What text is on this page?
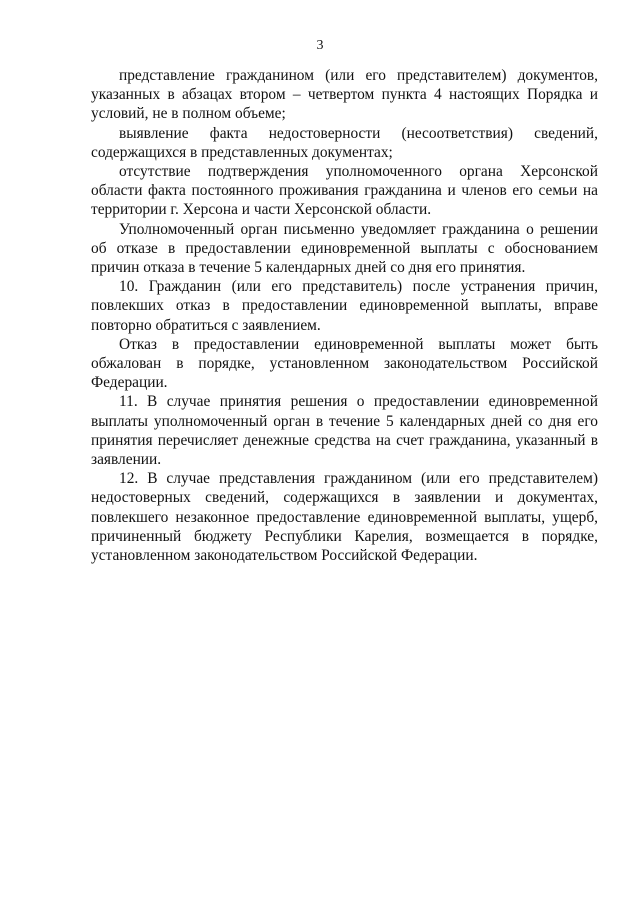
3

представление гражданином (или его представителем) документов, указанных в абзацах втором – четвертом пункта 4 настоящих Порядка и условий, не в полном объеме;

выявление факта недостоверности (несоответствия) сведений, содержащихся в представленных документах;

отсутствие подтверждения уполномоченного органа Херсонской области факта постоянного проживания гражданина и членов его семьи на территории г. Херсона и части Херсонской области.

Уполномоченный орган письменно уведомляет гражданина о решении об отказе в предоставлении единовременной выплаты с обоснованием причин отказа в течение 5 календарных дней со дня его принятия.

10. Гражданин (или его представитель) после устранения причин, повлекших отказ в предоставлении единовременной выплаты, вправе повторно обратиться с заявлением.

Отказ в предоставлении единовременной выплаты может быть обжалован в порядке, установленном законодательством Российской Федерации.

11. В случае принятия решения о предоставлении единовременной выплаты уполномоченный орган в течение 5 календарных дней со дня его принятия перечисляет денежные средства на счет гражданина, указанный в заявлении.

12. В случае представления гражданином (или его представителем) недостоверных сведений, содержащихся в заявлении и документах, повлекшего незаконное предоставление единовременной выплаты, ущерб, причиненный бюджету Республики Карелия, возмещается в порядке, установленном законодательством Российской Федерации.
